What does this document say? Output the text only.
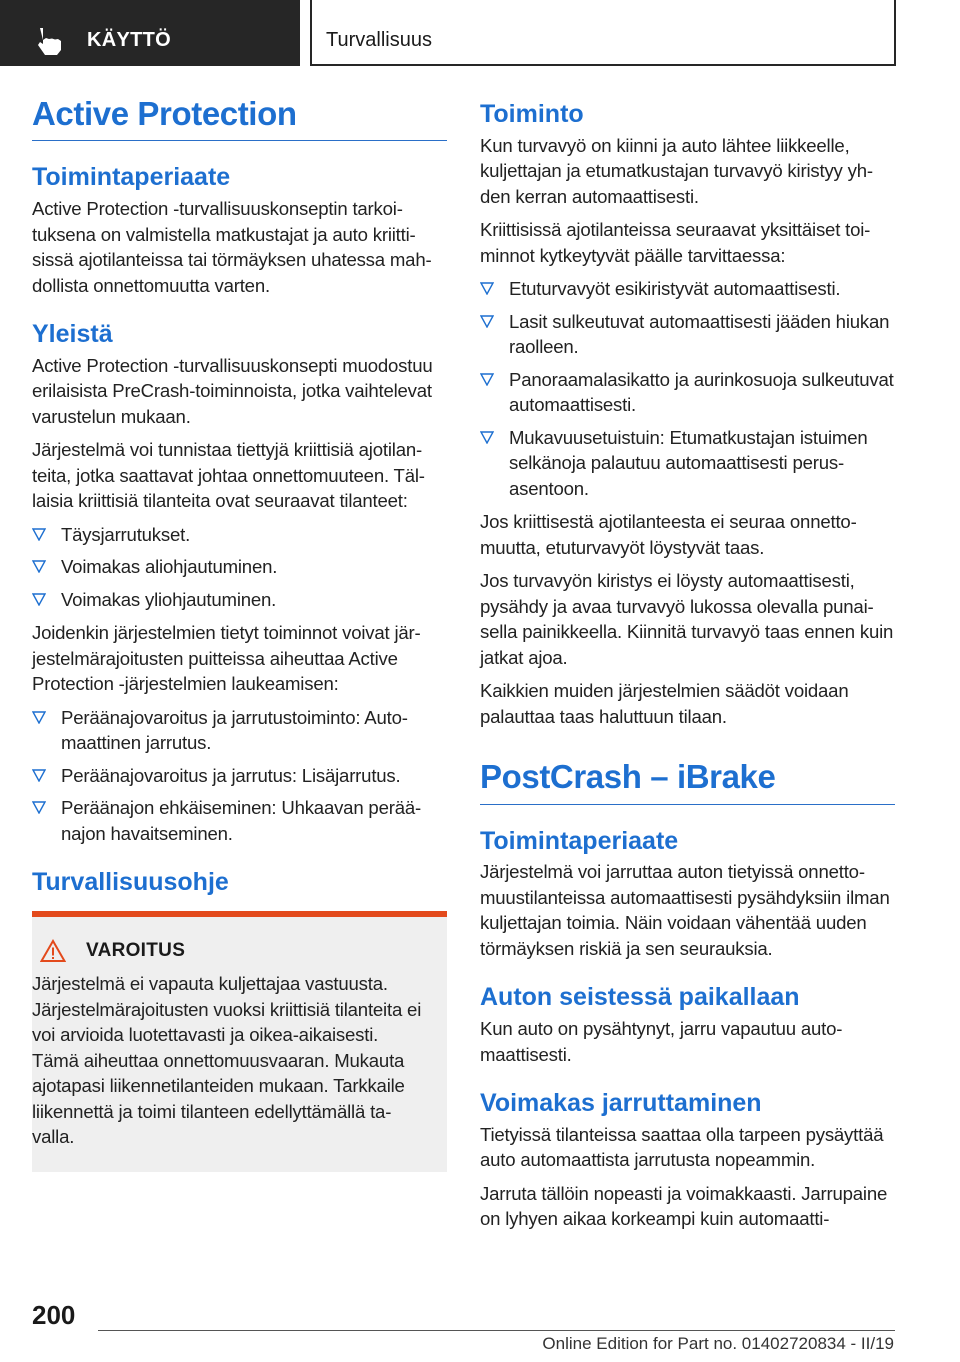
KÄYTTÖ	Turvallisuus
Active Protection
Toimintaperiaate

Active Protection -turvallisuuskonseptin tarkoituksena on valmistella matkustajat ja auto kriittisissä ajotilanteissa tai törmäyksen uhatessa mahdollista onnettomuutta varten.

Yleistä

Active Protection -turvallisuuskonsepti muodostuu erilaisista PreCrash-toiminnoista, jotka vaihtelevat varustelun mukaan.

Järjestelmä voi tunnistaa tiettyjä kriittisiä ajotilanteita, jotka saattavat johtaa onnettomuuteen. Tällaisia kriittisiä tilanteita ovat seuraavat tilanteet:

Täysjarrutukset.
Voimakas aliohjautuminen.
Voimakas yliohjautuminen.

Joidenkin järjestelmien tietyt toiminnot voivat järjestelmärajoitusten puitteissa aiheuttaa Active Protection -järjestelmien laukeamisen:

Peräänajovaroitus ja jarrutustoiminto: Automaattinen jarrutus.
Peräänajovaroitus ja jarrutus: Lisäjarrutus.
Peräänajon ehkäiseminen: Uhkaavan peräänajon havaitseminen.
Turvallisuusohje
VAROITUS

Järjestelmä ei vapauta kuljettajaa vastuusta. Järjestelmärajoitusten vuoksi kriittisiä tilanteita ei voi arvioida luotettavasti ja oikea-aikaisesti. Tämä aiheuttaa onnettomuusvaaran. Mukauta ajotapasi liikennetilanteiden mukaan. Tarkkaile liikennettä ja toimi tilanteen edellyttämällä tavalla.

Toiminto

Kun turvavyö on kiinni ja auto lähtee liikkeelle, kuljettajan ja etumatkustajan turvavyö kiristyy yhden kerran automaattisesti.

Kriittisissä ajotilanteissa seuraavat yksittäiset toiminnot kytkeytyvät päälle tarvittaessa:

Etuturvavyöt esikiristyvät automaattisesti.
Lasit sulkeutuvat automaattisesti jääden hiukan raolleen.
Panoraamalasikatto ja aurinkosuoja sulkeutuvat automaattisesti.
Mukavuusetuistuin: Etumatkustajan istuimen selkänoja palautuu automaattisesti perusasentoon.

Jos kriittisestä ajotilanteesta ei seuraa onnettomuutta, etuturvavyöt löystyvät taas.

Jos turvavyön kiristys ei löysty automaattisesti, pysähdy ja avaa turvavyö lukossa olevalla punaisella painikkeella. Kiinnitä turvavyö taas ennen kuin jatkat ajoa.

Kaikkien muiden järjestelmien säädöt voidaan palauttaa taas haluttuun tilaan.

PostCrash – iBrake
Toimintaperiaate

Järjestelmä voi jarruttaa auton tietyissä onnettomuustilanteissa automaattisesti pysähdyksiin ilman kuljettajan toimia. Näin voidaan vähentää uuden törmäyksen riskiä ja sen seurauksia.

Auton seistessä paikallaan

Kun auto on pysähtynyt, jarru vapautuu automaattisesti.

Voimakas jarruttaminen

Tietyissä tilanteissa saattaa olla tarpeen pysäyttää auto automaattista jarrutusta nopeammin.

Jarruta tällöin nopeasti ja voimakkaasti. Jarrupaine on lyhyen aikaa korkeampi kuin automaatti-

200
Online Edition for Part no. 01402720834 - II/19
